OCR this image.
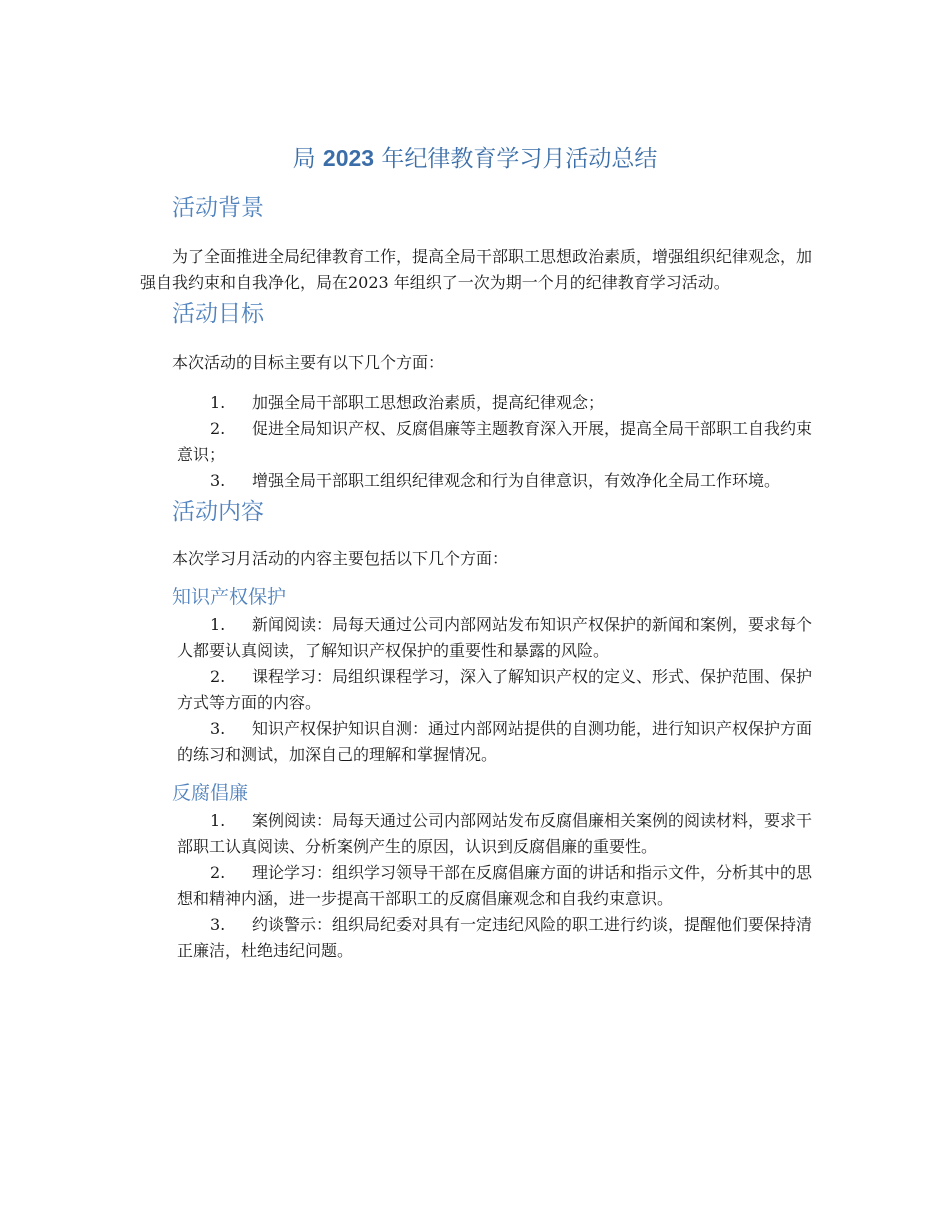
局 2023 年纪律教育学习月活动总结
活动背景

为了全面推进全局纪律教育工作，提高全局干部职工思想政治素质，增强组织纪律观念，加强自我约束和自我净化，局在2023 年组织了一次为期一个月的纪律教育学习活动。

活动目标

本次活动的目标主要有以下几个方面：

1. 加强全局干部职工思想政治素质，提高纪律观念；
2. 促进全局知识产权、反腐倡廉等主题教育深入开展，提高全局干部职工自我约束意识；
3. 增强全局干部职工组织纪律观念和行为自律意识，有效净化全局工作环境。
活动内容

本次学习月活动的内容主要包括以下几个方面：

知识产权保护
1. 新闻阅读：局每天通过公司内部网站发布知识产权保护的新闻和案例，要求每个人都要认真阅读，了解知识产权保护的重要性和暴露的风险。
2. 课程学习：局组织课程学习，深入了解知识产权的定义、形式、保护范围、保护方式等方面的内容。
3. 知识产权保护知识自测：通过内部网站提供的自测功能，进行知识产权保护方面的练习和测试，加深自己的理解和掌握情况。
反腐倡廉
1. 案例阅读：局每天通过公司内部网站发布反腐倡廉相关案例的阅读材料，要求干部职工认真阅读、分析案例产生的原因，认识到反腐倡廉的重要性。
2. 理论学习：组织学习领导干部在反腐倡廉方面的讲话和指示文件，分析其中的思想和精神内涵，进一步提高干部职工的反腐倡廉观念和自我约束意识。
3. 约谈警示：组织局纪委对具有一定违纪风险的职工进行约谈，提醒他们要保持清正廉洁，杜绝违纪问题。
